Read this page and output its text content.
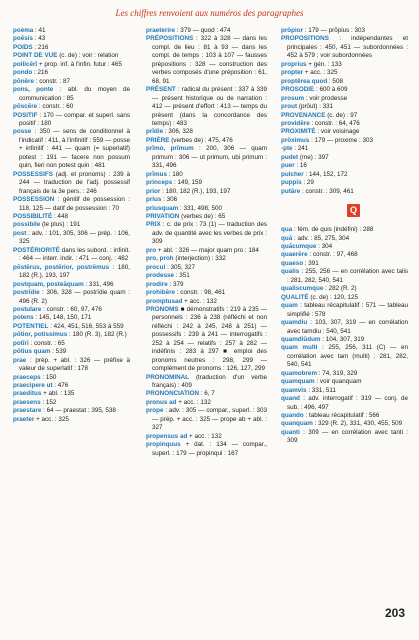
Les chiffres renvoient aux numéros des paragraphes

poèma : 41

poēsis : 43

POIDS : 216

POINT DE VUE (c. de) : voir : relation

pollicērī + prop. inf. à l'infin. futur : 465

pondo : 216

pōnēre : constr. : 87

pons, ponte : abl. du moyen de communication : 85

pōscēre : constr. : 60

POSITIF : 170 — compar. et superl. sans positif : 180

posse : 350 — sens de conditionnel à l'indicatif : 411, à l'infinitif : 559 — posse + infinitif : 441 — quam (= superlatif) potest : 191 — facere non possum quin, fieri non potest quin : 481

POSSESSIFS (adj. et pronoms) : 239 à 244 — traduction de l'adj. possessif français de la 3e pers. : 246

POSSESSION : génitif de possession : 118, 125 — datif de possession : 70

POSSIBILITÉ : 448

possibile (le plus) : 191

post : adv. : 101, 305, 306 — prép. : 106, 325

POSTÉRIORITÉ dans les subord. : infinit. : 464 — interr. indir. : 471 — conj. : 482

pŏstĕrus, postĕrior, postrēmus : 180, 182 (R.), 193, 197

postquam, posteăquam : 331, 496

postrīdie : 306, 328 — postrīdie quam : 496 (R. 2)

postulare : constr. : 60, 97, 476

potens : 145, 148, 150, 171

POTENTIEL : 424, 451, 516, 553 à 559

pŏtior, potissimus : 180 (R. 3), 182 (R.)

potīrī : constr. : 65

pŏtius quam : 539

prae : prép. + abl. : 326 — préfixe à valeur de superlatif : 178

praeceps : 150

praecipere ut : 476

praeditus + abl. : 135

praesens : 152

praestare : 64 — praestat : 395, 538

praeter + acc. : 325

praeterire : 379 — quod : 474

PRÉPOSITIONS : 322 à 328 — dans les compl. de lieu : 81 à 93 — dans les compl. de temps : 103 à 107 — fausses prépositions : 328 — construction des verbes composés d'une préposition : 61, 68, 91

PRÉSENT : radical du présent : 337 à 339 — présent historique ou de narration : 412 — présent d'effort : 413 — temps du présent (dans la concordance des temps) : 483

prīdie : 306, 328

PRIÈRE (verbes de) : 475, 476

prīmo, prīmum : 200, 306 — quam primum : 306 — ut primum, ubi primum : 331, 496

prīmus : 180

princeps : 149, 159

prior : 180, 182 (R.), 193, 197

prius : 306

priusquam : 331, 498, 500

PRIVATION (verbes de) : 65

PRIX : c. de prix : 73 (1) — traduction des adv. de quantité avec les verbes de prix : 309

pro + abl. : 326 — major quam pro : 184

pro, proh (interjection) : 332

procul : 305, 327

prodesse : 351

prodire : 379

prohibēre : constr. : 98, 461

promptusad + acc. : 132

PRONOMS ■ démonstratifs : 219 à 235 — personnels : 236 à 238 (réfléchi et non réfléchi : 242 à 245, 248 à 251) — possessifs : 239 à 241 — interrogatifs : 252 à 254 — relatifs : 257 à 282 — indéfinis : 283 à 297 ■ emploi des pronoms neutres : 298, 299 — complément de pronoms : 126, 127, 299

PRONOMINAL (traduction d'un verbe français) : 409

PRONONCIATION : 6, 7

pronus ad + acc. : 132

prope : adv. : 305 — compar., superl. : 303 — prép. + acc. : 325 — prope ab + abl. : 327

propensus ad + acc. : 132

propinquus + dat. : 134 — compar., superl. : 179 — propinqui : 167

prŏpior : 179 — prŏpius : 303

PROPOSITIONS : indépendantes et principales : 450, 451 — subordonnées : 452 à 579 ; voir subordonnées

proprius + gén. : 133

propter + acc. : 325

proptěrea quod : 508

PROSODIE : 600 à 609

prosum : voir prodesse

prout (prōut) : 331

PROVENANCE (c. de) : 97

providēre : constr. : 64, 476

PROXIMITÉ : voir voisinage

prŏximus : 179 — proxime : 303

-pte : 241

pudet (me) : 397

puer : 16

pulcher : 144, 152, 172

puppis : 29

putāre : constr. : 309, 461

Q

qua : fém. de quis (indéfini) : 288

quā : adv. : 85, 275, 304

quācumque : 304

quaerēre : constr. : 97, 468

quaeso : 391

qualis : 255, 256 — en corrélation avec talis : 281, 282, 540, 541

qualiscumque : 282 (R. 2)

QUALITÉ (c. de) : 120, 125

quam : tableau récapitulatif : 571 — tableau simplifié : 578

quamdiu : 103, 307, 319 — en corrélation avec tamdiu : 540, 541

quamdiūdum : 104, 307, 319

quam multi : 255, 256, 311 (C) — en corrélation avec tam (multi) : 281, 282, 540, 541

quamobrem : 74, 319, 329

quamquam : voir quanquam

quamvis : 331, 511

quand : adv. interrogatif : 319 — conj. de sub. : 496, 497

quando : tableau récapitulatif : 566

quanquam : 329 (R. 2), 331, 430, 455, 509

quanti : 309 — en corrélation avec tanti : 309

203
